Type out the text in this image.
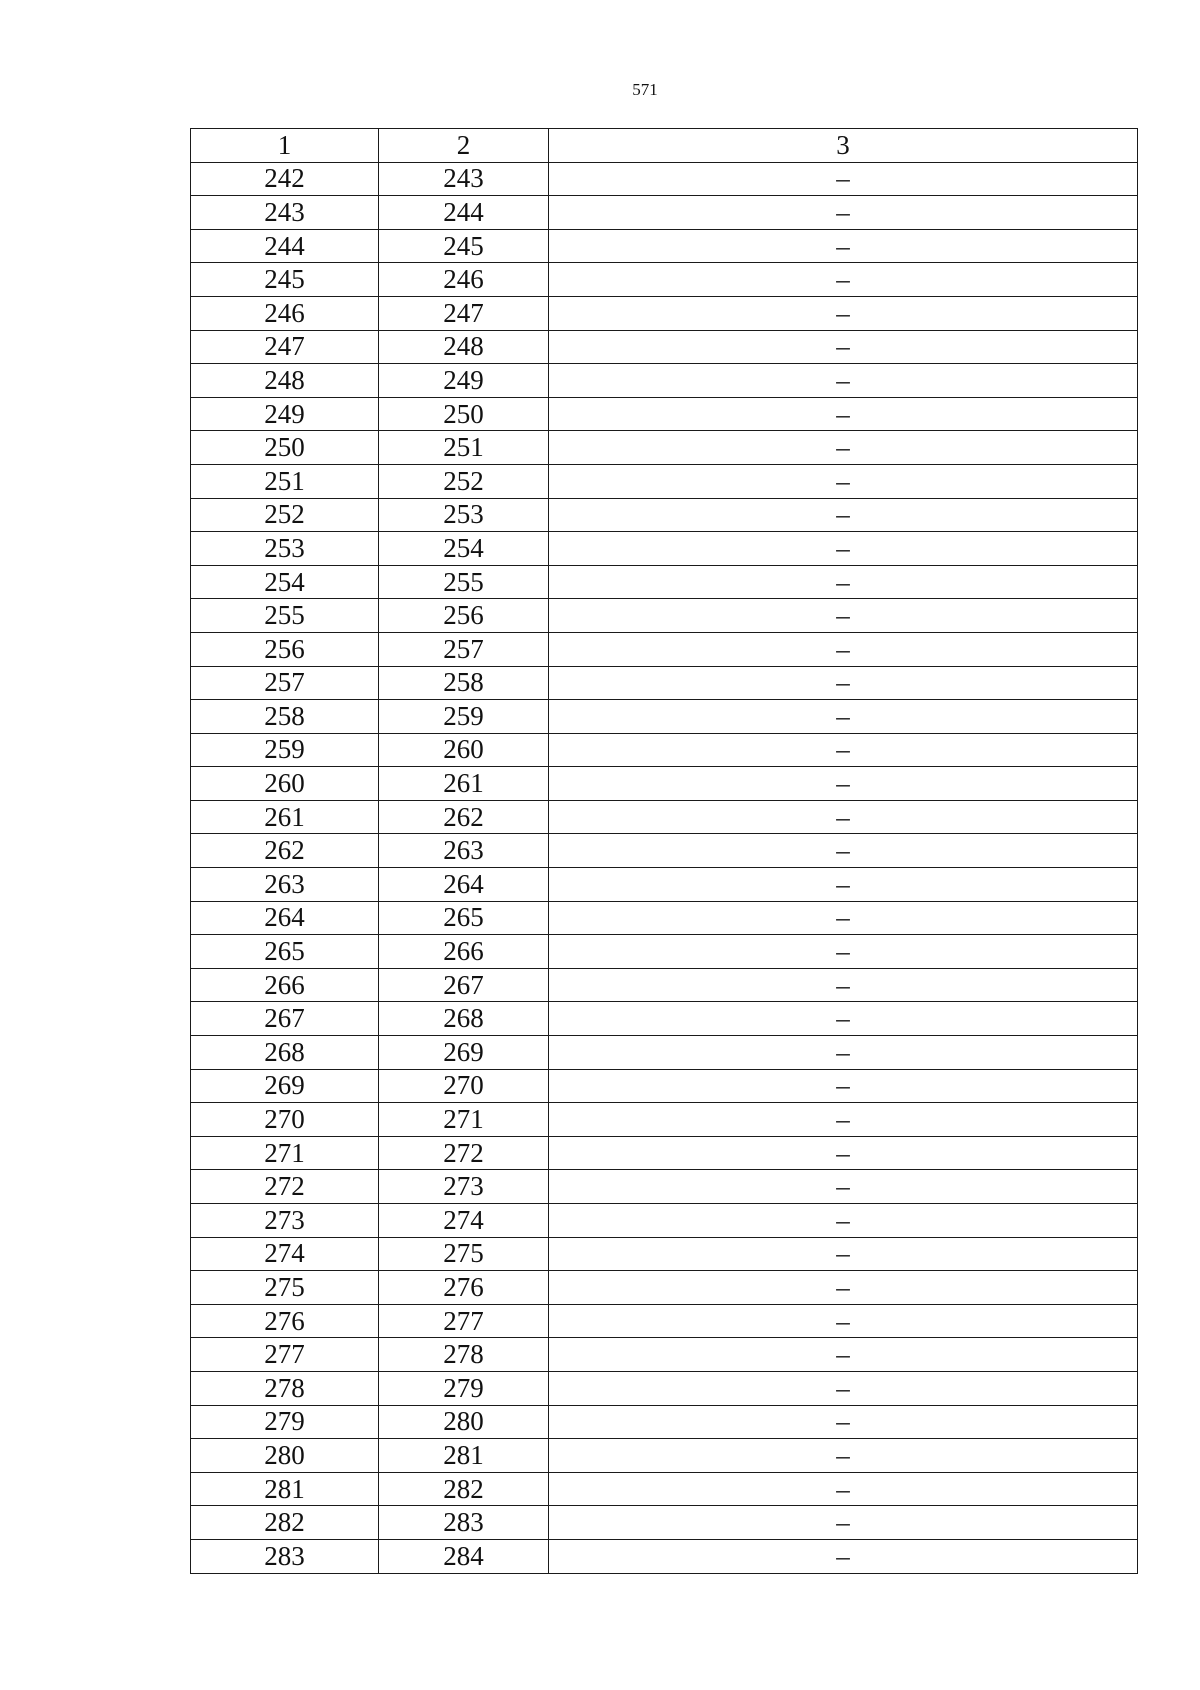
571
1	2	3
242	243	–
243	244	–
244	245	–
245	246	–
246	247	–
247	248	–
248	249	–
249	250	–
250	251	–
251	252	–
252	253	–
253	254	–
254	255	–
255	256	–
256	257	–
257	258	–
258	259	–
259	260	–
260	261	–
261	262	–
262	263	–
263	264	–
264	265	–
265	266	–
266	267	–
267	268	–
268	269	–
269	270	–
270	271	–
271	272	–
272	273	–
273	274	–
274	275	–
275	276	–
276	277	–
277	278	–
278	279	–
279	280	–
280	281	–
281	282	–
282	283	–
283	284	–
